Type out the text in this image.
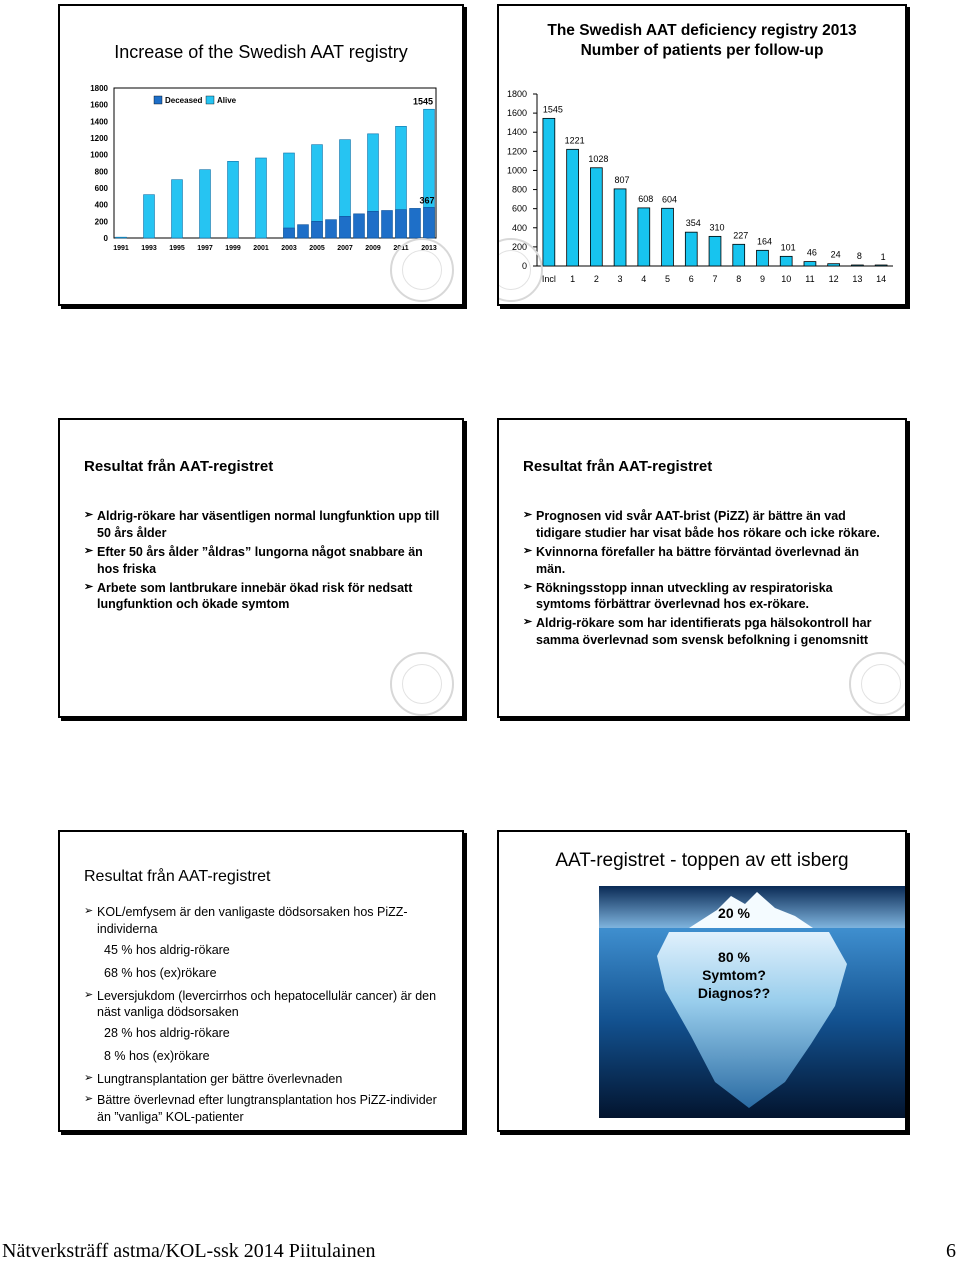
Increase of the Swedish AAT registry
0
200
400
600
800
1000
1200
1400
1600
1800
1991 1993 1995 1997 1999 2001 2003 2005 2007 2009 2011 2013
1545
367
Deceased Alive
The Swedish AAT deficiency registry 2013
Number of patients per follow-up
0
200
400
600
800
1000
1200
1400
1600
1800
1545
Incl
1221
1
1028
2
807
3
608
4
604
5
354
6
310
7
227
8
164
9
101
10
46
11
24
12
8
13
1
14
Resultat från AAT-registret
➢ Aldrig-rökare har väsentligen normal lungfunktion upp till 50 års ålder
➢ Efter 50 års ålder ”åldras” lungorna något snabbare än hos friska
➢ Arbete som lantbrukare innebär ökad risk för nedsatt lungfunktion och ökade symtom
Resultat från AAT-registret
➢ Prognosen vid svår AAT-brist (PiZZ) är bättre än vad tidigare studier har visat både hos rökare och icke rökare.
➢ Kvinnorna förefaller ha bättre förväntad överlevnad än män.
➢ Rökningsstopp innan utveckling av respiratoriska symtoms förbättrar överlevnad hos ex-rökare.
➢ Aldrig-rökare som har identifierats pga hälsokontroll har samma överlevnad som svensk befolkning i genomsnitt
Resultat från AAT-registret
➢ KOL/emfysem är den vanligaste dödsorsaken hos PiZZ-individerna
45 % hos aldrig-rökare
68 % hos (ex)rökare
➢ Leversjukdom (levercirrhos och hepatocellulär cancer) är den näst vanliga dödsorsaken
28 % hos aldrig-rökare
8 % hos (ex)rökare
➢ Lungtransplantation ger bättre överlevnaden
➢ Bättre överlevnad efter lungtransplantation hos PiZZ-individer än ”vanliga” KOL-patienter
AAT-registret - toppen av ett isberg
20 %
80 %
Symtom?
Diagnos??
Nätverksträff astma/KOL-ssk 2014 Piitulainen	6
